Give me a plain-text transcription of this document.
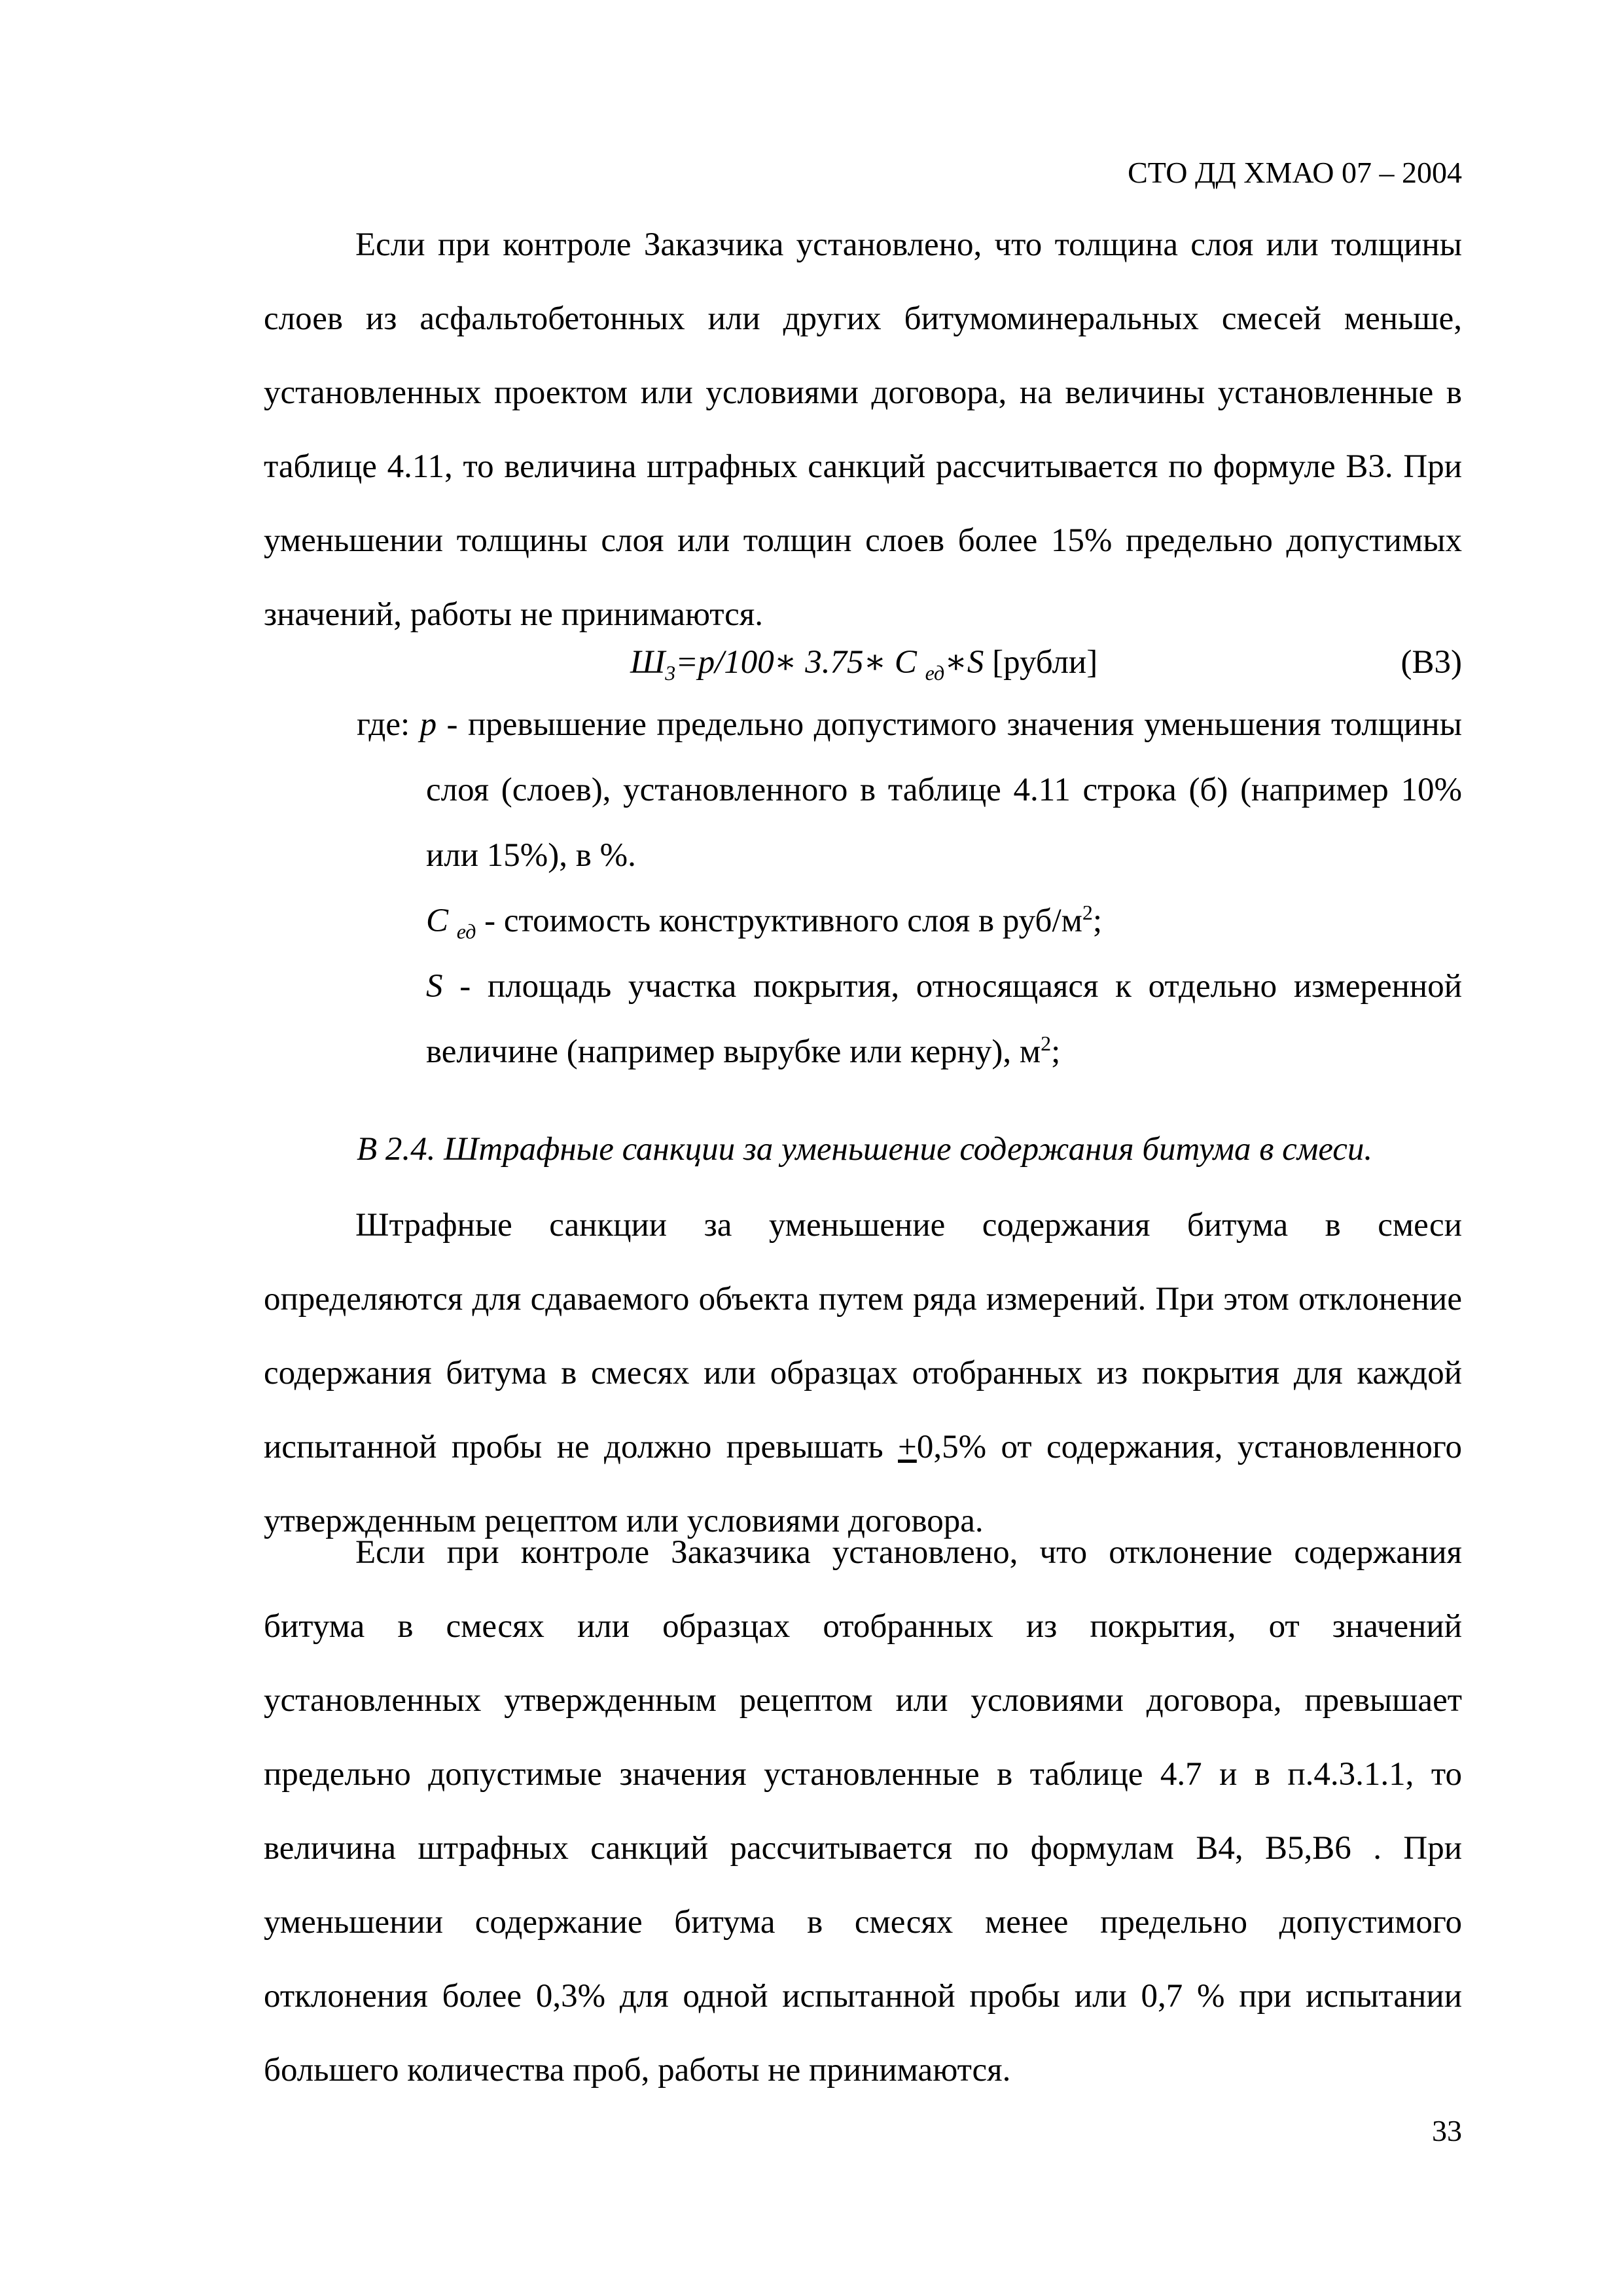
СТО ДД ХМАО 07 – 2004

Если при контроле Заказчика установлено, что толщина слоя или толщины слоев из асфальтобетонных или других битумоминеральных смесей меньше, установленных проектом или условиями договора, на величины установленные в таблице 4.11, то величина штрафных санкций рассчитывается по формуле В3. При уменьшении толщины слоя или толщин слоев более 15% предельно допустимых значений, работы не принимаются.

$Ш_3=p/100∗$ 3.75∗ C $_{ед}$∗S [рубли]	(В3)

где: p - превышение предельно допустимого значения уменьшения толщины слоя (слоев), установленного в таблице 4.11 строка (б) (например 10% или 15%), в %.

С $_{ед}$ - стоимость конструктивного слоя в руб/$м^2$;

S - площадь участка покрытия, относящаяся к отдельно измеренной величине (например вырубке или керну), $м^2$;

В 2.4. Штрафные санкции за уменьшение содержания битума в смеси.

Штрафные санкции за уменьшение содержания битума в смеси определяются для сдаваемого объекта путем ряда измерений. При этом отклонение содержания битума в смесях или образцах отобранных из покрытия для каждой испытанной пробы не должно превышать +0,5% от содержания, установленного утвержденным рецептом или условиями договора.

Если при контроле Заказчика установлено, что отклонение содержания битума в смесях или образцах отобранных из покрытия, от значений установленных утвержденным рецептом или условиями договора, превышает предельно допустимые значения установленные в таблице 4.7 и в п.4.3.1.1, то величина штрафных санкций рассчитывается по формулам В4, В5,В6 . При уменьшении содержание битума в смесях менее предельно допустимого отклонения более 0,3% для одной испытанной пробы или 0,7 % при испытании большего количества проб, работы не принимаются.

33
